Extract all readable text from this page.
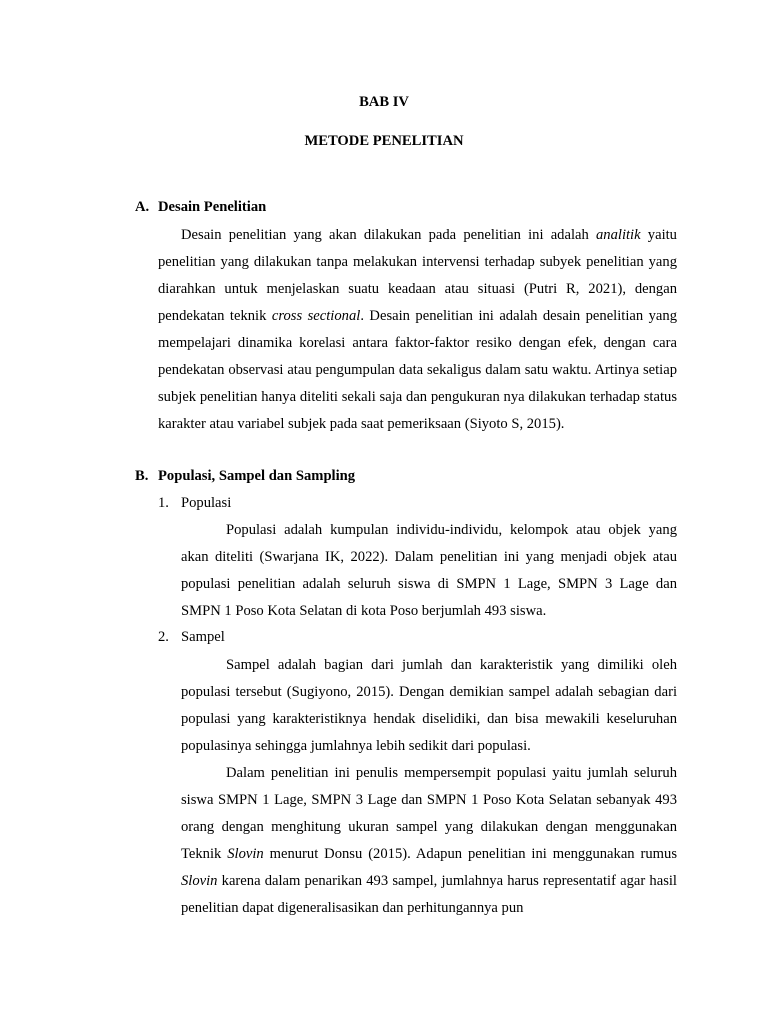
BAB IV

METODE PENELITIAN

A. Desain Penelitian

Desain penelitian yang akan dilakukan pada penelitian ini adalah analitik yaitu penelitian yang dilakukan tanpa melakukan intervensi terhadap subyek penelitian yang diarahkan untuk menjelaskan suatu keadaan atau situasi (Putri R, 2021), dengan pendekatan teknik cross sectional. Desain penelitian ini adalah desain penelitian yang mempelajari dinamika korelasi antara faktor-faktor resiko dengan efek, dengan cara pendekatan observasi atau pengumpulan data sekaligus dalam satu waktu. Artinya setiap subjek penelitian hanya diteliti sekali saja dan pengukuran nya dilakukan terhadap status karakter atau variabel subjek pada saat pemeriksaan (Siyoto S, 2015).

B. Populasi, Sampel dan Sampling

1. Populasi

Populasi adalah kumpulan individu-individu, kelompok atau objek yang akan diteliti (Swarjana IK, 2022). Dalam penelitian ini yang menjadi objek atau populasi penelitian adalah seluruh siswa di SMPN 1 Lage, SMPN 3 Lage dan SMPN 1 Poso Kota Selatan di kota Poso berjumlah 493 siswa.

2. Sampel

Sampel adalah bagian dari jumlah dan karakteristik yang dimiliki oleh populasi tersebut (Sugiyono, 2015). Dengan demikian sampel adalah sebagian dari populasi yang karakteristiknya hendak diselidiki, dan bisa mewakili keseluruhan populasinya sehingga jumlahnya lebih sedikit dari populasi.

Dalam penelitian ini penulis mempersempit populasi yaitu jumlah seluruh siswa SMPN 1 Lage, SMPN 3 Lage dan SMPN 1 Poso Kota Selatan sebanyak 493 orang dengan menghitung ukuran sampel yang dilakukan dengan menggunakan Teknik Slovin menurut Donsu (2015). Adapun penelitian ini menggunakan rumus Slovin karena dalam penarikan 493 sampel, jumlahnya harus representatif agar hasil penelitian dapat digeneralisasikan dan perhitungannya pun
